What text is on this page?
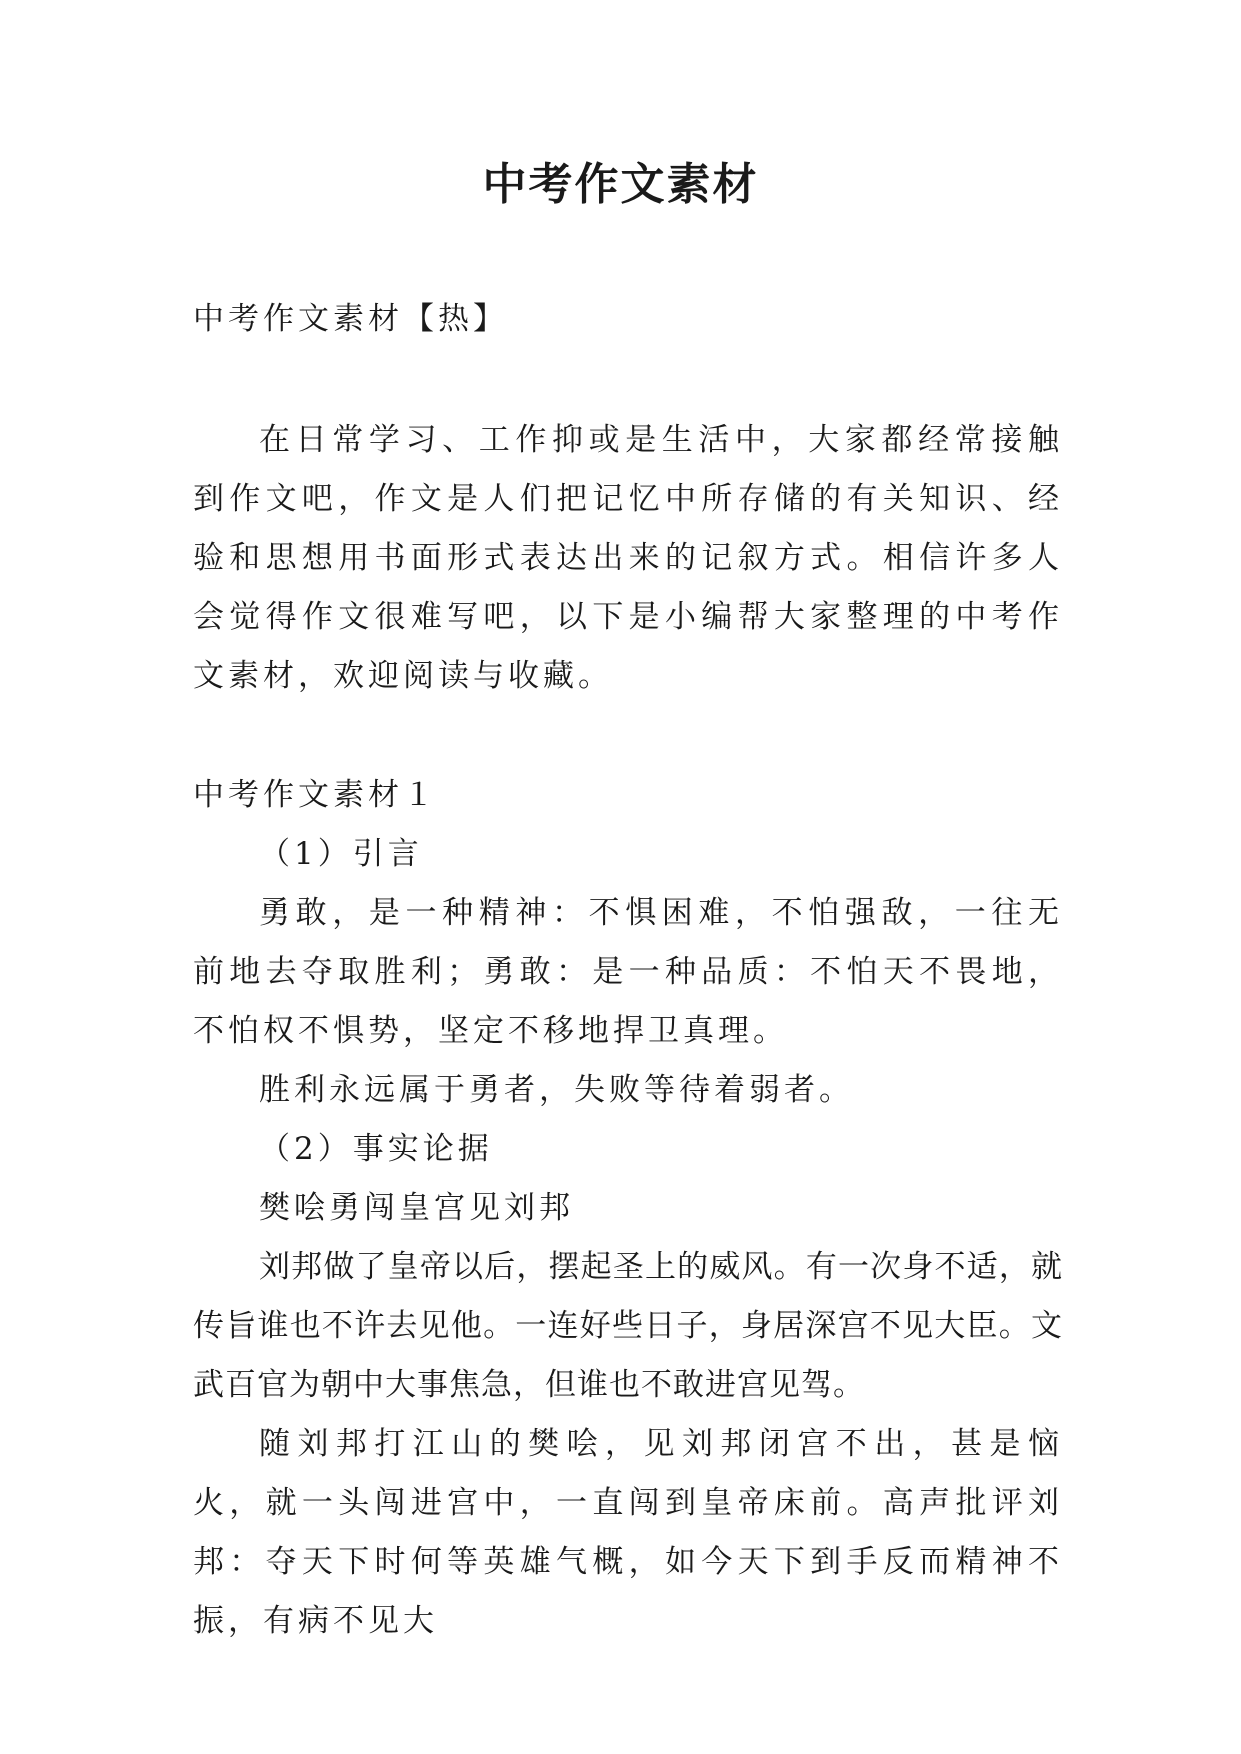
中考作文素材

中考作文素材【热】

在日常学习、工作抑或是生活中，大家都经常接触到作文吧，作文是人们把记忆中所存储的有关知识、经验和思想用书面形式表达出来的记叙方式。相信许多人会觉得作文很难写吧，以下是小编帮大家整理的中考作文素材，欢迎阅读与收藏。

中考作文素材１

（1）引言

勇敢，是一种精神：不惧困难，不怕强敌，一往无前地去夺取胜利；勇敢：是一种品质：不怕天不畏地，不怕权不惧势，坚定不移地捍卫真理。

胜利永远属于勇者，失败等待着弱者。

（2）事实论据

樊哙勇闯皇宫见刘邦

刘邦做了皇帝以后，摆起圣上的威风。有一次身不适，就传旨谁也不许去见他。一连好些日子，身居深宫不见大臣。文武百官为朝中大事焦急，但谁也不敢进宫见驾。

随刘邦打江山的樊哙，见刘邦闭宫不出，甚是恼火，就一头闯进宫中，一直闯到皇帝床前。高声批评刘邦：夺天下时何等英雄气概，如今天下到手反而精神不振，有病不见大
